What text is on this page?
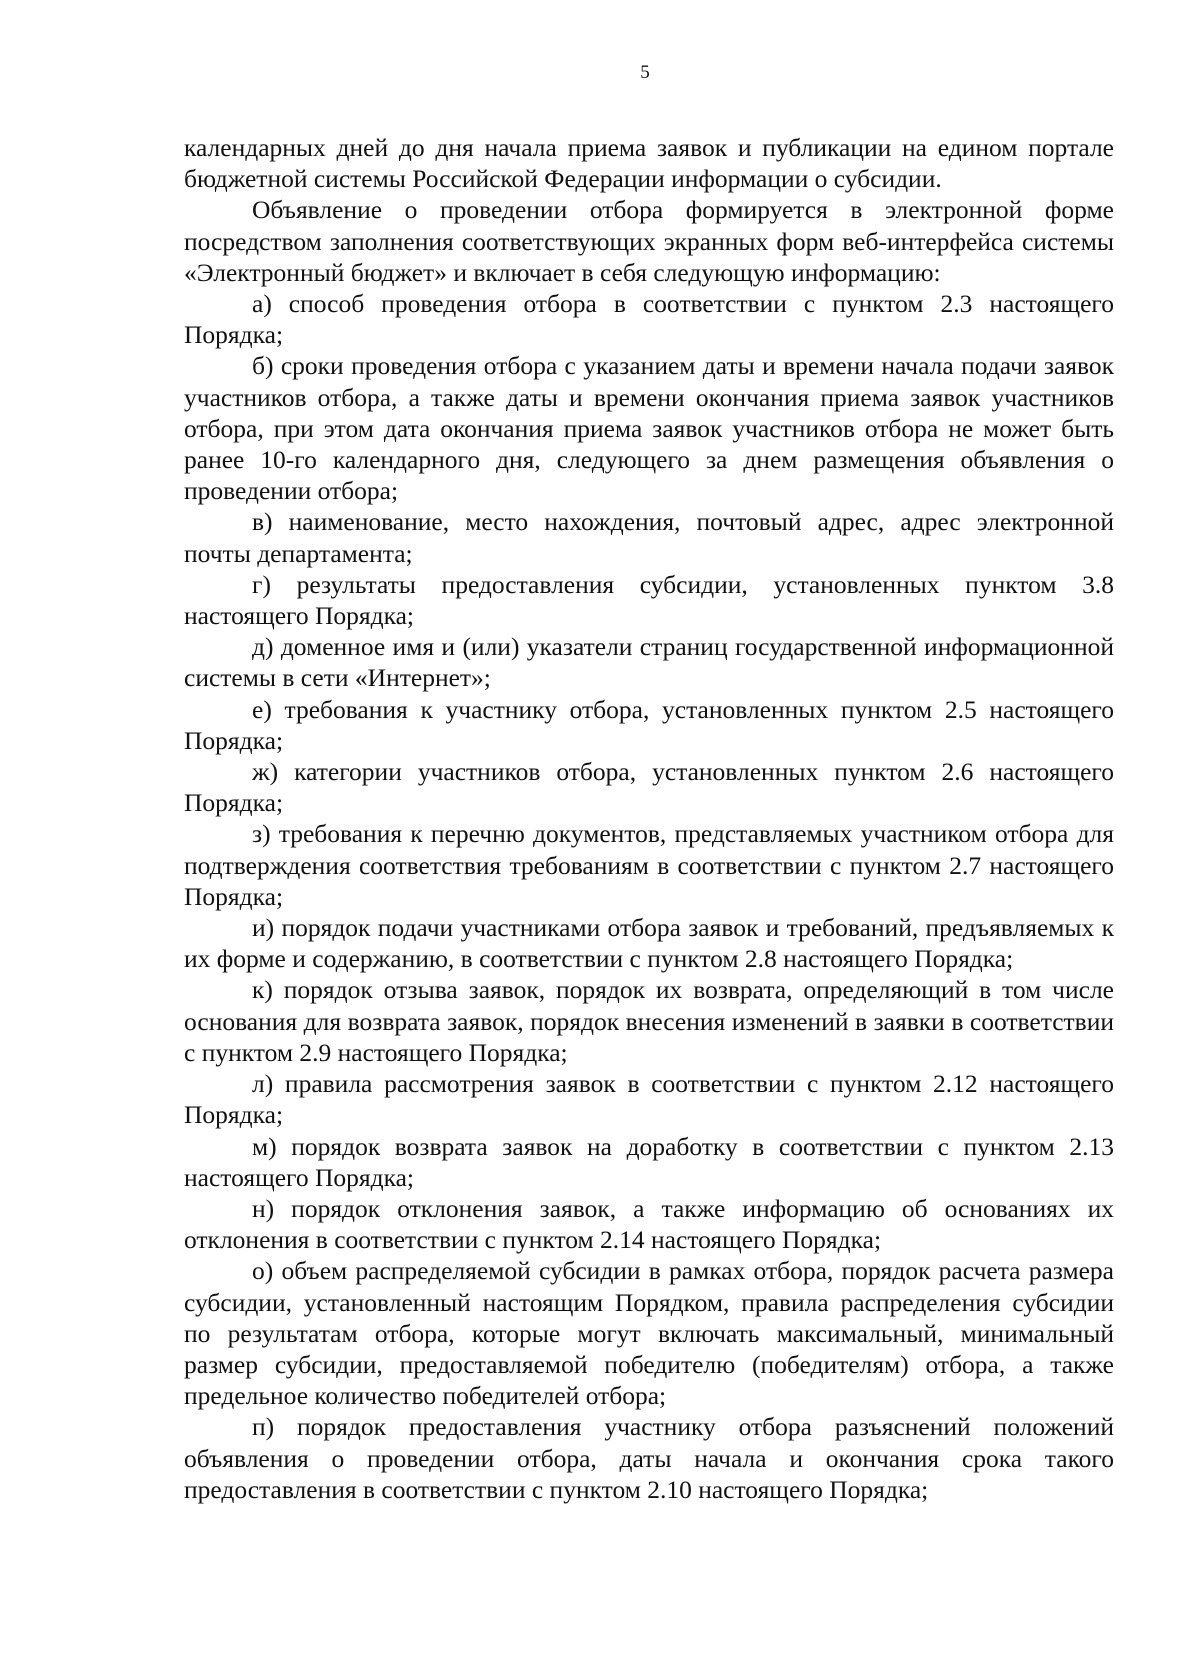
5

календарных дней до дня начала приема заявок и публикации на едином портале бюджетной системы Российской Федерации информации о субсидии.

Объявление о проведении отбора формируется в электронной форме посредством заполнения соответствующих экранных форм веб-интерфейса системы «Электронный бюджет» и включает в себя следующую информацию:

а) способ проведения отбора в соответствии с пунктом 2.3 настоящего Порядка;

б) сроки проведения отбора с указанием даты и времени начала подачи заявок участников отбора, а также даты и времени окончания приема заявок участников отбора, при этом дата окончания приема заявок участников отбора не может быть ранее 10-го календарного дня, следующего за днем размещения объявления о проведении отбора;

в) наименование, место нахождения, почтовый адрес, адрес электронной почты департамента;

г) результаты предоставления субсидии, установленных пунктом 3.8 настоящего Порядка;

д) доменное имя и (или) указатели страниц государственной информационной системы в сети «Интернет»;

е) требования к участнику отбора, установленных пунктом 2.5 настоящего Порядка;

ж) категории участников отбора, установленных пунктом 2.6 настоящего Порядка;

з) требования к перечню документов, представляемых участником отбора для подтверждения соответствия требованиям в соответствии с пунктом 2.7 настоящего Порядка;

и) порядок подачи участниками отбора заявок и требований, предъявляемых к их форме и содержанию, в соответствии с пунктом 2.8 настоящего Порядка;

к) порядок отзыва заявок, порядок их возврата, определяющий в том числе основания для возврата заявок, порядок внесения изменений в заявки в соответствии с пунктом 2.9 настоящего Порядка;

л) правила рассмотрения заявок в соответствии с пунктом 2.12 настоящего Порядка;

м) порядок возврата заявок на доработку в соответствии с пунктом 2.13 настоящего Порядка;

н) порядок отклонения заявок, а также информацию об основаниях их отклонения в соответствии с пунктом 2.14 настоящего Порядка;

о) объем распределяемой субсидии в рамках отбора, порядок расчета размера субсидии, установленный настоящим Порядком, правила распределения субсидии по результатам отбора, которые могут включать максимальный, минимальный размер субсидии, предоставляемой победителю (победителям) отбора, а также предельное количество победителей отбора;

п) порядок предоставления участнику отбора разъяснений положений объявления о проведении отбора, даты начала и окончания срока такого предоставления в соответствии с пунктом 2.10 настоящего Порядка;
